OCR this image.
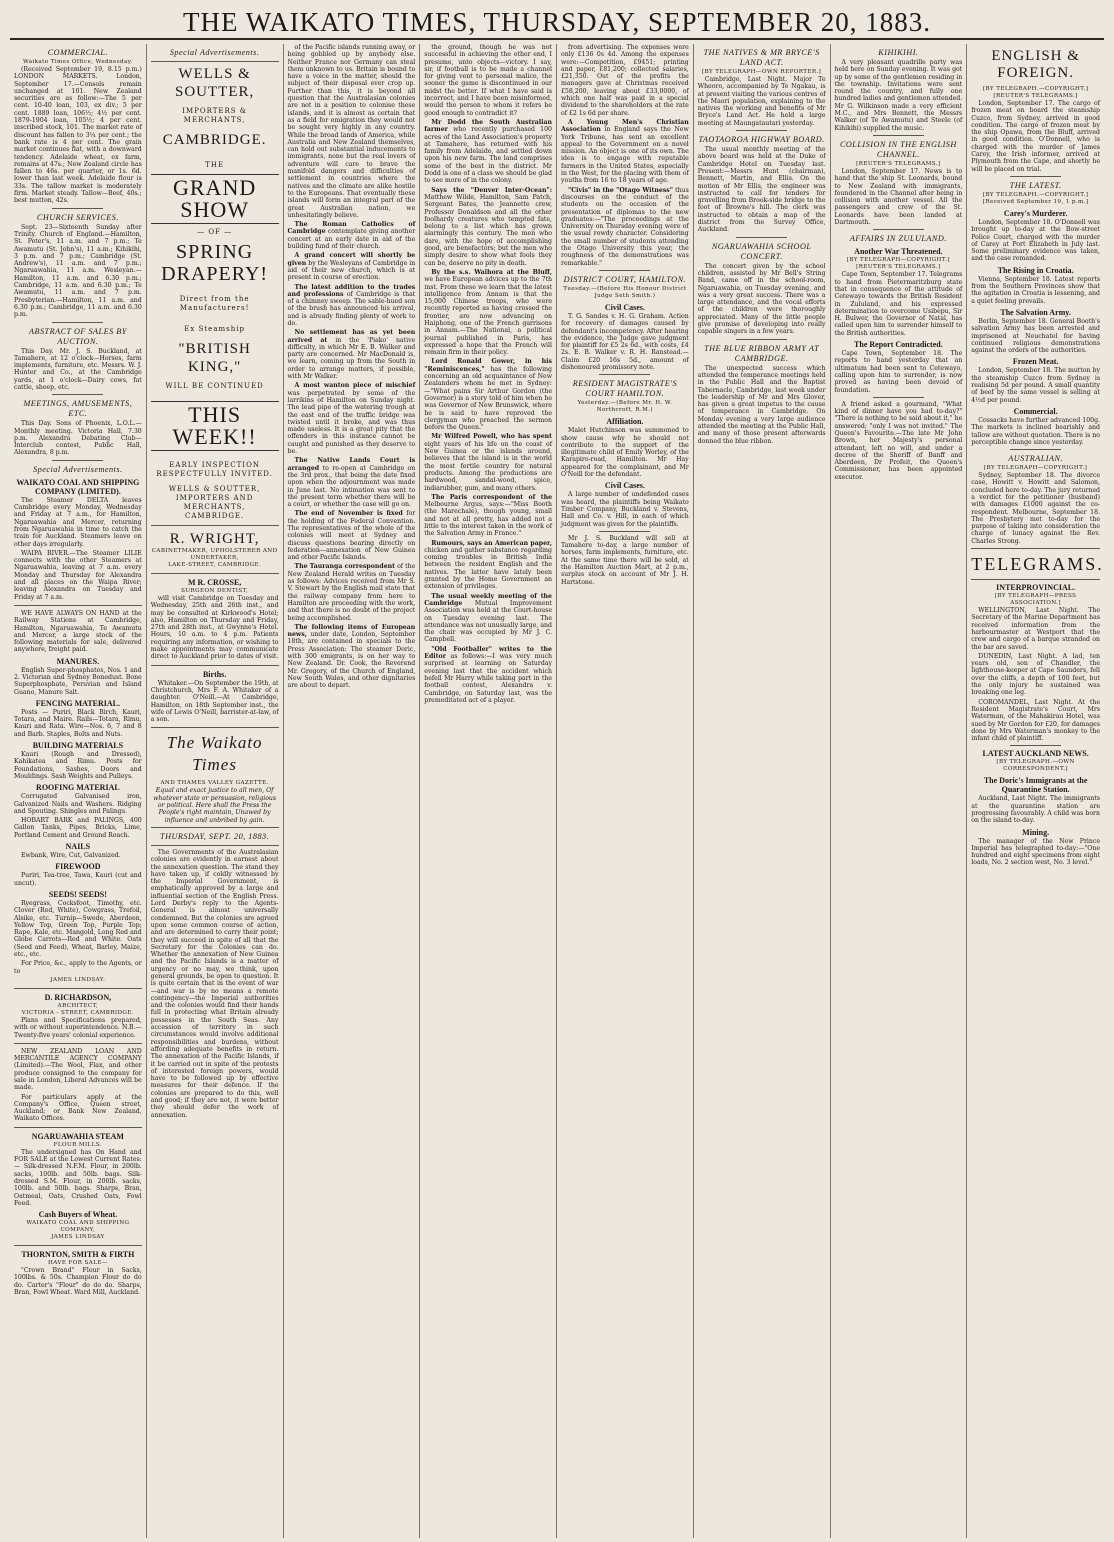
THE WAIKATO TIMES, THURSDAY, SEPTEMBER 20, 1883.
COMMERCIAL.
Waikato Times Office, Wednesday.

(Received September 19, 8.15 p.m.) LONDON MARKETS. London, September 17.—Consols remain unchanged at 101. New Zealand securities are as follow:—The 5 per cent. 10-40 loan, 103, ex div.; 5 per cent. 1889 loan, 106½; 4½ per cent. 1879-1904 loan, 105½; 4 per cent. inscribed stock, 101. The market rate of discount has fallen to 3¼ per cent.; the bank rate is 4 per cent. The grain market continues flat, with a downward tendency. Adelaide wheat, ex farm, remains at 47s.; New Zealand circle has fallen to 46s. per quarter, or 1s. 6d. lower than last week. Adelaide flour is 33s. The tallow market is moderately firm. Market steady. Tallow—Beef, 40s.; best mutton, 42s.

CHURCH SERVICES.

Sept. 23—Sixteenth Sunday after Trinity. Church of England.—Hamilton, St. Peter's, 11 a.m. and 7 p.m.; Te Awamutu (St. John's), 11 a.m.; Kihikihi, 3 p.m. and 7 p.m.; Cambridge (St. Andrew's), 11 a.m. and 7 p.m.; Ngaruawahia, 11 a.m. Wesleyan.—Hamilton, 11 a.m. and 6.30 p.m.; Cambridge, 11 a.m. and 6.30 p.m.; Te Awamutu, 11 a.m. and 7 p.m. Presbyterian.—Hamilton, 11 a.m. and 6.30 p.m.; Cambridge, 11 a.m. and 6.30 p.m.

ABSTRACT OF SALES BY AUCTION.

This Day. Mr. J. S. Buckland, at Tamahere, at 12 o'clock—Horses, farm implements, furniture, etc. Messrs. W. J. Hunter and Co., at the Cambridge yards, at 1 o'clock—Dairy cows, fat cattle, sheep, etc.

MEETINGS, AMUSEMENTS, ETC.

This Day. Sons of Phoenix, L.O.L.—Monthly meeting. Victoria Hall, 7.30 p.m. Alexandra Debating Club—Interclub contest, Public Hall, Alexandra, 8 p.m.

Special Advertisements.
WAIKATO COAL AND SHIPPING COMPANY (LIMITED).

The Steamer DELTA leaves Cambridge every Monday, Wednesday and Friday at 7 a.m., for Hamilton, Ngaruawahia and Mercer, returning from Ngaruawahia in time to catch the train for Auckland. Steamers leave on other days irregularly.

WAIPA RIVER.—The Steamer LILIE connects with the other Steamers at Ngaruawahia, leaving at 7 a.m. every Monday and Thursday for Alexandra and all places on the Waipa River; leaving Alexandra on Tuesday and Friday at 7 a.m.

WE HAVE ALWAYS ON HAND at the Railway Stations at Cambridge, Hamilton, Ngaruawahia, Te Awamutu and Mercer, a large stock of the following materials for sale, delivered anywhere, freight paid.

MANURES.

English Super-phosphates, Nos. 1 and 2. Victorian and Sydney Bonedust. Bone Superphosphate, Peruvian and Island Guano, Manure Salt.

FENCING MATERIAL.

Posts — Puriri, Black Birch, Kauri, Totara, and Maire. Rails—Totara, Rimu, Kauri and Rata. Wire—Nos. 6, 7 and 8 and Barb. Staples, Bolts and Nuts.

BUILDING MATERIALS

Kauri (Rough and Dressed), Kahikatea and Rimu. Posts for Foundations, Sashes, Doors and Mouldings. Sash Weights and Pulleys.

ROOFING MATERIAL

Corrugated Galvanised iron, Galvanized Nails and Washers. Ridging and Spouting. Shingles and Palings.

HOBART BARK and PALINGS, 400 Gallon Tanks, Pipes, Bricks, Lime, Portland Cement and Ground Roach.

NAILS

Ewbank, Wire, Cut, Galvanized.

FIREWOOD

Puriri, Tea-tree, Tawa, Kauri (cut and uncut).

SEEDS! SEEDS!

Ryegrass, Cocksfoot, Timothy, etc. Clover (Red, White), Cowgrass, Trefoil, Alsike, etc. Turnip—Swede, Aberdeen, Yellow Top, Green Top, Purple Top; Rape, Kale, etc. Mangold, Long Red and Globe Carrots—Red and White. Oats (Seed and Feed), Wheat, Barley, Maize, etc., etc.

For Price, &c., apply to the Agents, or to

JAMES LINDSAY.
D. RICHARDSON,
ARCHITECT,
VICTORIA - STREET, CAMBRIDGE.

Plans and Specifications prepared, with or without superintendence. N.B.—Twenty-five years' colonial experience.

NEW ZEALAND LOAN AND MERCANTILE AGENCY COMPANY (Limited).—The Wool, Flax, and other produce consigned to the company for sale in London, Liberal Advances will be made.

For particulars apply at the Company's Office, Queen street, Auckland; or Bank New Zealand, Waikato Offices.

NGARUAWAHIA STEAM
FLOUR MILLS.

The undersigned has On Hand and FOR SALE at the Lowest Current Rates:— Silk-dressed N.F.M. Flour, in 200lb. sacks, 100lb. and 50lb. bags. Silk-dressed S.M. Flour, in 200lb. sacks, 100lb. and 50lb. bags. Sharps, Bran, Oatmeal, Oats, Crushed Oats, Fowl Feed.

Cash Buyers of Wheat.
WAIKATO COAL AND SHIPPING COMPANY,
JAMES LINDSAY
THORNTON, SMITH & FIRTH
HAVE FOR SALE—

"Crown Brand" Flour in Sacks, 100lbs. & 50s. Champion Flour do do do. Carter's "Flour" do do do. Sharps, Bran, Fowl Wheat. Ward Mill, Auckland.

Special Advertisements.
WELLS & SOUTTER,
IMPORTERS & MERCHANTS,
CAMBRIDGE.
THE
GRAND SHOW
— OF —
SPRING DRAPERY!
Direct from the Manufacturers!
Ex Steamship
"BRITISH KING,"
WILL BE CONTINUED
THIS WEEK!!
EARLY INSPECTION RESPECTFULLY INVITED.
WELLS & SOUTTER,
IMPORTERS AND MERCHANTS,
CAMBRIDGE.
R. WRIGHT,
CABINETMAKER, UPHOLSTERER AND UNDERTAKER,
LAKE-STREET, CAMBRIDGE.
M R. CROSSE,
SURGEON DENTIST,

will visit Cambridge on Tuesday and Wednesday, 25th and 26th inst., and may be consulted at Kirkwood's Hotel; also, Hamilton on Thursday and Friday, 27th and 28th inst., at Gwynne's Hotel. Hours, 10 a.m. to 4 p.m. Patients requiring any information, or wishing to make appointments may communicate direct to Auckland prior to dates of visit.

Births.

Whitaker.—On September the 19th, at Christchurch, Mrs F. A. Whitaker of a daughter. O'Neill.—At Cambridge, Hamilton, on 18th September inst., the wife of Lewis O'Neill, barrister-at-law, of a son.

The Waikato Times
AND THAMES VALLEY GAZETTE.

Equal and exact justice to all men, Of whatever state or persuasion, religious or political. Here shall the Press the People's right maintain, Unawed by influence and unbribed by gain.

THURSDAY, SEPT. 20, 1883.

The Governments of the Australasian colonies are evidently in earnest about the annexation question. The stand they have taken up, if coldly witnessed by the Imperial Government, is emphatically approved by a large and influential section of the English Press. Lord Derby's reply to the Agents-General is almost universally condemned. But the colonies are agreed upon some common course of action, and are determined to carry their point; they will succeed in spite of all that the Secretary for the Colonies can do. Whether the annexation of New Guinea and the Pacific Islands is a matter of urgency or no may, we think, upon general grounds, be open to question. It is quite certain that in the event of war—and war is by no means a remote contingency—the Imperial authorities and the colonies would find their hands full in protecting what Britain already possesses in the South Seas. Any accession of territory in such circumstances would involve additional responsibilities and burdens, without affording adequate benefits in return. The annexation of the Pacific Islands, if it be carried out in spite of the protests of interested foreign powers, would have to be followed up by effective measures for their defence. If the colonies are prepared to do this, well and good; if they are not, it were better they should defer the work of annexation.

of the Pacific islands running away, or being gobbled up by anybody else. Neither France nor Germany can steal them unknown to us. Britain is bound to have a voice in the matter, should the subject of their disposal ever crop up. Further than this, it is beyond all question that the Australasian colonies are not in a position to colonise these islands, and it is almost as certain that as a field for emigration they would not be sought very highly in any country. While the broad lands of America, while Australia and New Zealand themselves, can hold out substantial inducements to immigrants, none but the real lovers of adventure will care to brave the manifold dangers and difficulties of settlement in countries where the natives and the climate are alike hostile to the Europeans. That eventually these islands will form an integral part of the great Australian nation, we unhesitatingly believe.

The Roman Catholics of Cambridge contemplate giving another concert at an early date in aid of the building fund of their church.

A grand concert will shortly be given by the Wesleyans of Cambridge in aid of their new church, which is at present in course of erection.

The latest addition to the trades and professions of Cambridge is that of a chimney sweep. The sable-hued son of the brush has announced his arrival, and is already finding plenty of work to do.

No settlement has as yet been arrived at in the 'Piako' native difficulty, in which Mr E. B. Walker and party are concerned. Mr MacDonald is, we learn, coming up from the South in order to arrange matters, if possible, with Mr Walker.

A most wanton piece of mischief was perpetrated by some of the larrikins of Hamilton on Sunday night. The lead pipe of the watering trough at the east end of the traffic bridge was twisted until it broke, and was thus made useless. It is a great pity that the offenders in this instance cannot be caught and punished as they deserve to be.

The Native Lands Court is arranged to re-open at Cambridge on the 3rd prox., that being the date fixed upon when the adjournment was made in June last. No intimation was sent to the present term whether there will be a court, or whether the case will go on.

The end of November is fixed for the holding of the Federal Convention. The representatives of the whole of the colonies will meet at Sydney and discuss questions bearing directly on federation—annexation of New Guinea and other Pacific Islands.

The Tauranga correspondent of the New Zealand Herald writes on Tuesday as follows: Advices received from Mr S. V. Stewart by the English mail state that the railway company from here to Hamilton are proceeding with the work, and that there is no doubt of the project being accomplished.

The following items of European news, under date, London, September 18th, are contained in specials to the Press Association: The steamer Doric, with 300 emigrants, is on her way to New Zealand. Dr. Cook, the Reverend Mr. Gregory, of the Church of England, New South Wales, and other dignitaries are about to depart.

the ground, though he was not successful in achieving the other end, I presume, unto objects—victory. I say, sir, if football is to be made a channel for giving vent to personal malice, the sooner the game is discontinued in our midst the better. If what I have said is incorrect, and I have been misinformed, would the person to whom it refers be good enough to contradict it?

Mr Dodd the South Australian farmer who recently purchased 100 acres of the Land Association's property at Tamahere, has returned with his family from Adelaide, and settled down upon his new farm. The land comprises some of the best in the district. Mr Dodd is one of a class we should be glad to see more of in the colony.

Says the "Denver Inter-Ocean": Matthew Wilde, Hamilton, Sam Patch, Sergeant Bates, the Jeannette crew, Professor Donaldson and all the other foolhardy creatures who tempted fate, belong to a list which has grown alarmingly this century. The men who dare, with the hope of accomplishing good, are benefactors; but the men who simply desire to show what fools they can be, deserve no pity in death.

By the s.s. Waihora at the Bluff, we have European advices up to the 7th inst. From these we learn that the latest intelligence from Annam is that the 15,000 Chinese troops, who were recently reported as having crossed the frontier, are now advancing on Haiphong, one of the French garrisons in Annam.—The National, a political journal published in Paris, has expressed a hope that the French will remain firm in their policy.

Lord Ronald Gower, in his "Reminiscences," has the following concerning an old acquaintance of New Zealanders whom he met in Sydney:—"What pains Sir Arthur Gordon (the Governor) is a story told of him when he was Governor of New Brunswick, where he is said to have reproved the clergyman who preached the sermon before the Queen."

Mr Wilfred Powell, who has spent eight years of his life on the coast of New Guinea or the islands around, believes that the island is in the world the most fertile country for natural products. Among the productions are hardwood, sandal-wood, spice, indiarubber, gum, and many others.

The Paris correspondent of the Melbourne Argus, says:—"Miss Booth (the Marechale), though young, small and not at all pretty, has added not a little to the interest taken in the work of the Salvation Army in France."

Rumours, says an American paper, chicken and gather substance regarding coming troubles in British India between the resident English and the natives. The latter have lately been granted by the Home Government an extension of privileges.

The usual weekly meeting of the Cambridge Mutual Improvement Association was held at the Court-house on Tuesday evening last. The attendance was not unusually large, and the chair was occupied by Mr J. C. Campbell.

"Old Footballer" writes to the Editor as follows:—I was very much surprised at learning on Saturday evening last that the accident which befell Mr Harry while taking part in the football contest, Alexandra v. Cambridge, on Saturday last, was the premeditated act of a player.

from advertising. The expenses were only £136 0s 4d. Among the expenses were:—Competition, £9451; printing and paper, £81,200; collected salaries, £21,350. Out of the profits the managers gave at Christmas received £58,200, leaving about £33,0000, of which one half was paid in a special dividend to the shareholders at the rate of £2 1s 6d per share.

A Young Men's Christian Association in England says the New York Tribune, has sent an excellent appeal to the Government on a novel mission. An object is one of its own. The idea is to engage with reputable farmers in the United States, especially in the West, for the placing with them of youths from 16 to 18 years of age.

"Civis" in the "Otago Witness" thus discourses on the conduct of the students on the occasion of the presentation of diplomas to the new graduates:—"The proceedings at the University on Thursday evening were of the usual rowdy character. Considering the small number of students attending the Otago University this year, the roughness of the demonstrations was remarkable."

DISTRICT COURT, HAMILTON.
Tuesday.—(Before His Honour District Judge Seth Smith.)
Civil Cases.

T. G. Sandes v. H. G. Graham. Action for recovery of damages caused by defendant's incompetency. After hearing the evidence, the Judge gave judgment for plaintiff for £5 2s 6d., with costs, £4 2s. E. B. Walker v. R. H. Ranstead.—Claim £20 16s 5d., amount of dishonoured promissory note.

RESIDENT MAGISTRATE'S COURT HAMILTON.
Yesterday.—(Before Mr. H. W. Northcroft, R.M.)
Affiliation.

Malet Hutchinson was summoned to show cause why he should not contribute to the support of the illegitimate child of Emily Worley, of the Karapiro-road, Hamilton. Mr Hay appeared for the complainant, and Mr O'Neill for the defendant.

Civil Cases.

A large number of undefended cases was heard, the plaintiffs being Waikato Timber Company, Buckland v. Stevens, Hall and Co. v. Hill, in each of which judgment was given for the plaintiffs.

Mr J. S. Buckland will sell at Tamahere to-day, a large number of horses, farm implements, furniture, etc. At the same time there will be sold, at the Hamilton Auction Mart, at 2 p.m., surplus stock on account of Mr J. H. Hartstone.

THE NATIVES & MR BRYCE'S LAND ACT.
[BY TELEGRAPH—OWN REPORTER.]

Cambridge, Last Night. Major Te Wheoro, accompanied by Te Ngakau, is at present visiting the various centres of the Maori population, explaining to the natives the working and benefits of Mr Bryce's Land Act. He held a large meeting at Maungatautari yesterday.

TAOTAOROA HIGHWAY BOARD.

The usual monthly meeting of the above board was held at the Duke of Cambridge Hotel on Tuesday last. Present:—Messrs Hunt (chairman), Bennett, Martin, and Ellis. On the motion of Mr Ellis, the engineer was instructed to call for tenders for gravelling from Brook-side bridge to the foot of Browne's hill. The clerk was instructed to obtain a map of the district from the Survey Office, Auckland.

NGARUAWAHIA SCHOOL CONCERT.

The concert given by the school children, assisted by Mr Bell's String Band, came off in the school-room, Ngaruawahia, on Tuesday evening, and was a very great success. There was a large attendance, and the vocal efforts of the children were thoroughly appreciated. Many of the little people give promise of developing into really capable singers in a few years.

THE BLUE RIBBON ARMY AT CAMBRIDGE.

The unexpected success which attended the temperance meetings held in the Public Hall and the Baptist Tabernacle, Cambridge, last week under the leadership of Mr and Mrs Glover, has given a great impetus to the cause of temperance in Cambridge. On Monday evening a very large audience attended the meeting at the Public Hall, and many of those present afterwards donned the blue ribbon.

KIHIKIHI.

A very pleasant quadrille party was held here on Sunday evening. It was got up by some of the gentlemen residing in the township. Invitations were sent round the country, and fully one hundred ladies and gentlemen attended. Mr G. Wilkinson made a very efficient M.C., and Mrs Bennett, the Messrs Walker (of Te Awamutu) and Steele (of Kihikihi) supplied the music.

COLLISION IN THE ENGLISH CHANNEL.
[REUTER'S TELEGRAMS.]

London, September 17. News is to hand that the ship St. Leonards, bound to New Zealand with immigrants, foundered in the Channel after being in collision with another vessel. All the passengers and crew of the St. Leonards have been landed at Dartmouth.

AFFAIRS IN ZULULAND.
Another War Threatened.
[BY TELEGRAPH—COPYRIGHT.]
[REUTER'S TELEGRAMS.]

Cape Town, September 17. Telegrams to hand from Pietermaritzburg state that in consequence of the attitude of Cetewayo towards the British Resident in Zululand, and his expressed determination to overcome Usibepu, Sir H. Bulwer, the Governor of Natal, has called upon him to surrender himself to the British authorities.

The Report Contradicted.

Cape Town, September 18. The reports to hand yesterday that an ultimatum had been sent to Cetewayo, calling upon him to surrender, is now proved as having been devoid of foundation.

A friend asked a gourmand, "What kind of dinner have you had to-day?" "There is nothing to be said about it," he answered; "only I was not invited." The Queen's Favourite.—The late Mr John Brown, her Majesty's personal attendant, left no will, and under a decree of the Sheriff of Banff and Aberdeen, Dr Profeit, the Queen's Commissioner, has been appointed executor.

ENGLISH & FOREIGN.
[BY TELEGRAPH.—COPYRIGHT.]
[REUTER'S TELEGRAMS.]

London, September 17. The cargo of frozen meat on board the steamship Cuzco, from Sydney, arrived in good condition. The cargo of frozen meat by the ship Opawa, from the Bluff, arrived in good condition. O'Donnell, who is charged with the murder of James Carey, the Irish informer, arrived at Plymouth from the Cape, and shortly he will be placed on trial.

THE LATEST.
[BY TELEGRAPH.—COPYRIGHT.]
[Received September 19, 1 p.m.]
Carey's Murderer.

London, September 18. O'Donnell was brought up to-day at the Bow-street Police Court, charged with the murder of Carey at Port Elizabeth in July last. Some preliminary evidence was taken, and the case remanded.

The Rising in Croatia.

Vienna, September 18. Latest reports from the Southern Provinces show that the agitation in Croatia is lessening, and a quiet feeling prevails.

The Salvation Army.

Berlin, September 18. General Booth's salvation Army has been arrested and imprisoned at Neuchatel for having continued religious demonstrations against the orders of the authorities.

Frozen Meat.

London, September 18. The mutton by the steamship Cuzco from Sydney is realising 5d per pound. A small quantity of beef by the same vessel is selling at 4½d per pound.

Commercial.

Cossacks have further advanced 100g. The markets is inclined bearishly and tallow are without quotation. There is no perceptible change since yesterday.

AUSTRALIAN.
[BY TELEGRAPH—COPYRIGHT.]

Sydney, September 18. The divorce case, Howitt v. Howitt and Salomon, concluded here to-day. The jury returned a verdict for the petitioner (husband) with damages £1000 against the co-respondent. Melbourne, September 18. The Presbytery met to-day for the purpose of taking into consideration the charge of lunacy against the Rev. Charles Strong.

TELEGRAMS.
INTERPROVINCIAL.
[BY TELEGRAPH—PRESS ASSOCIATION.]

WELLINGTON, Last Night. The Secretary of the Marine Department has received information from the harbourmaster at Westport that the crew and cargo of a barque stranded on the bar are saved.

DUNEDIN, Last Night. A lad, ten years old, son of Chandler, the lighthouse-keeper at Cape Saunders, fell over the cliffs, a depth of 100 feet, but the only injury he sustained was breaking one leg.

COROMANDEL, Last Night. At the Resident Magistrate's Court, Mrs Waterman, of the Mahakirau Hotel, was sued by Mr Gordon for £20, for damages done by Mrs Waterman's monkey to the infant child of plaintiff.

LATEST AUCKLAND NEWS.
[BY TELEGRAPH.—OWN CORRESPONDENT.]
The Doric's Immigrants at the Quarantine Station.

Auckland, Last Night. The immigrants at the quarantine station are progressing favourably. A child was born on the island to-day.

Mining.

The manager of the New Prince Imperial has telegraphed to-day:—"One hundred and eight specimens from eight loads, No. 2 section west, No. 3 level."
